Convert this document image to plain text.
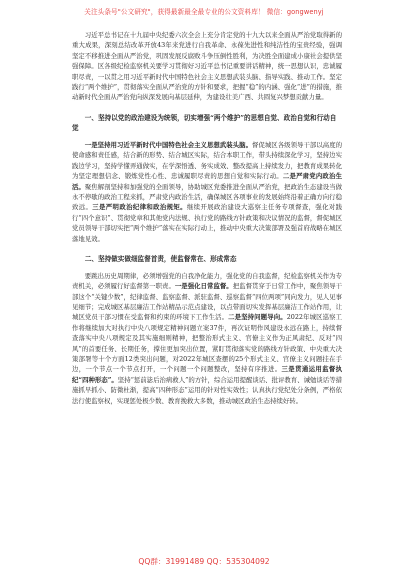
关注头条号"公文研究"，获得最新最全最专业的公文资料库！ 微信：gongwenyj

习近平总书记在十九届中央纪委六次全会上充分肯定党的十九大以来全面从严治党取得新的重大成果，深刻总结改革开放43年来党进行自我革命、永葆先进性和纯洁性的宝贵经验，强调坚定不移推进全面从严治党，巩固发展反腐败斗争压倒性胜利，为决胜全面建成小康社会提供坚强保障。区各级纪检监察机关要学习贯彻好习近平总书记重要讲话精神，统一思想认识，忠诚履职尽责，一以贯之用习近平新时代中国特色社会主义思想武装头脑、指导实践、推动工作。坚定践行“两个维护”，贯彻落实全面从严治党的方针和要求，把握“稳”的内涵、强化“进”的措施，推动新时代全面从严治党向纵深发展向基层延伸，为建设壮美广西、共圆复兴梦想贡献力量。

一、坚持以党的政治建设为统领，切实增强“两个维护”的思想自觉、政治自觉和行动自觉

一是坚持用习近平新时代中国特色社会主义思想武装头脑。督促城区各级领导干部以高度的使命感和责任感，结合新的形势、结合城区实际，结合本职工作，带头持续深化学习，坚持边实践边学习，坚持学懂弄通做实，在学深悟透、务实成效、整改提高上持续发力，把教育成果转化为坚定理想信念、锻炼党性心性、忠诚履职尽责的思想自觉和实际行动。二是严肃党内政治生活。聚焦解剖坚持和加强党的全面领导，协助城区党委推进全面从严治党，把政治生态建设当做永不停歇的政治工程来抓，严肃党内政治生活，确保城区各项事业的发展始终沿着正确方向行稳致远。三是严明政治纪律和政治规矩。继续开展政治建设大巡察主任务专项督查，强化对践行“四个意识”、贯彻党章和其他党内法规、执行党的路线方针政策和决议情况的监督，督促城区党员领导干部切实把“两个维护”落实在实际行动上，推动中央重大决策部署及强首府战略在城区落地见效。

二、坚持做实做细监督首责，使监督常在、形成常态

要跳出历史周期律，必须增强党的自我净化能力，强化党的自我监督，纪检监察机关作为专责机关，必须履行好监督第一职责。一是强化日常监督。把监督贯穿于日常工作中，聚焦领导干部这个“关键少数”，纪律监督、监察监督、派驻监督、巡察监督“四位两项”同向发力，见人见事见细节；完成城区基层廉洁工作站精品示范点建设，以点带面切实发挥基层廉洁工作站作用，让城区党员干部习惯在受监督和约束的环境下工作生活。二是坚持问题导向。2022年城区巡察工作将继续加大对执行中央八项规定精神问题立案37件，再次证明作风建设永远在路上，持续督查落实中央八项规定及其实施细则精神，把整治形式主义、官僚主义作为正风肃纪、反对“四风”的首要任务、长期任务，撑住更加突出位置，紧盯贯彻落实党的路线方针政策、中央重大决策部署等十个方面12类突出问题，对2022年城区查摆的25个形式主义、官僚主义问题挂在手边，一个节点一个节点打开，一个问题一个问题整改，坚持有序推进。三是贯通运用监督执纪“四种形态”。坚持“惩前毖后治病救人”的方针，综合运用提醒谈话、批评教育、诫勉谈话等措施抓早抓小、防微杜渐，提高“四种形态”运用的针对性实效性；认真执行党纪处分条例，严格依法行使监察权，实现惩处极少数、教育挽救大多数，推动城区政治生态持续好转。

QQ群：31991489 QQ：535304092
